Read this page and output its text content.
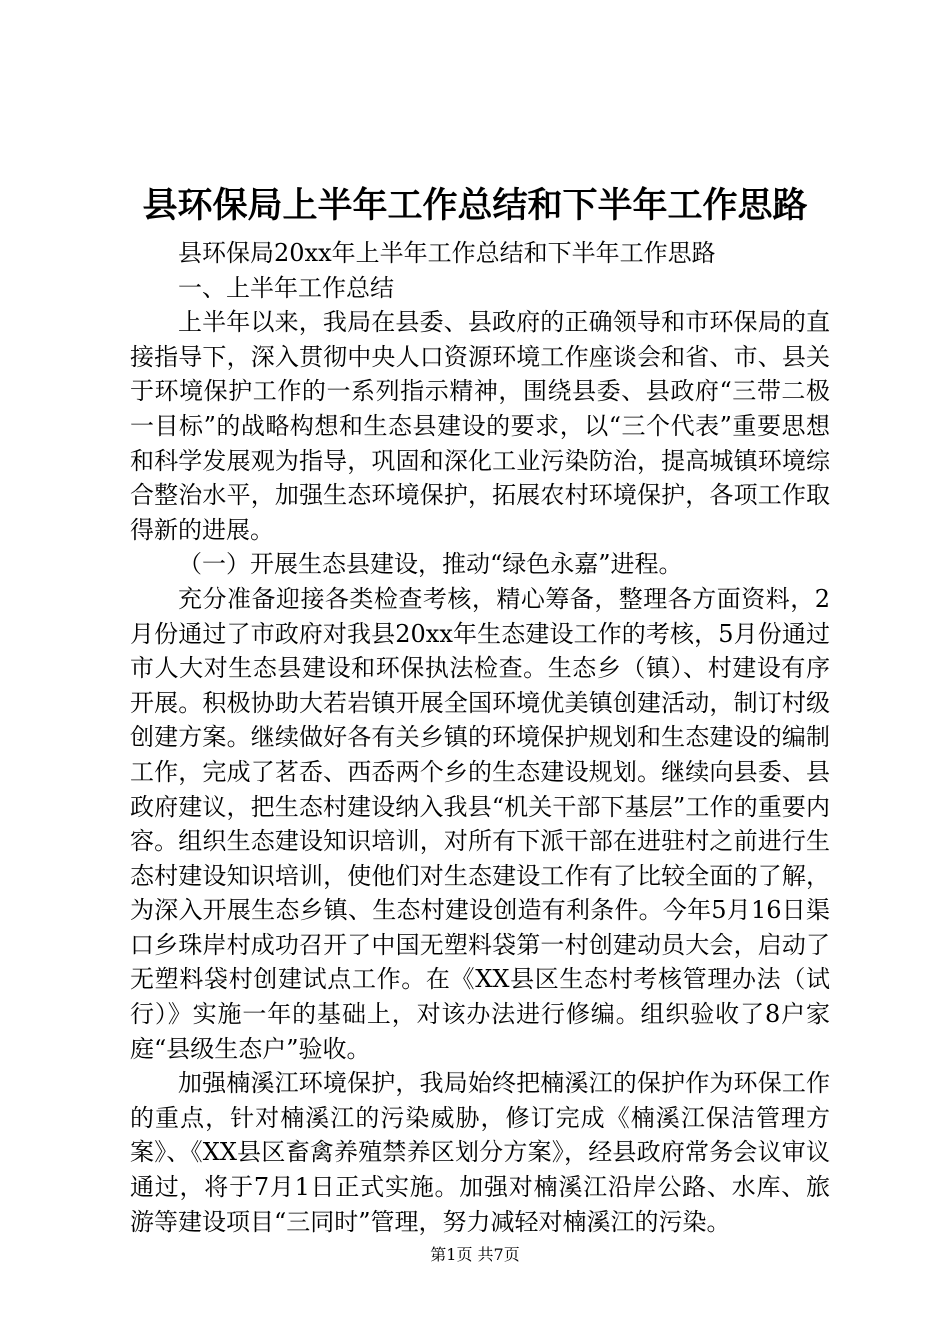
县环保局上半年工作总结和下半年工作思路

县环保局20xx年上半年工作总结和下半年工作思路

一、上半年工作总结

上半年以来，我局在县委、县政府的正确领导和市环保局的直接指导下，深入贯彻中央人口资源环境工作座谈会和省、市、县关于环境保护工作的一系列指示精神，围绕县委、县政府“三带二极一目标”的战略构想和生态县建设的要求，以“三个代表”重要思想和科学发展观为指导，巩固和深化工业污染防治，提高城镇环境综合整治水平，加强生态环境保护，拓展农村环境保护，各项工作取得新的进展。

（一）开展生态县建设，推动“绿色永嘉”进程。

充分准备迎接各类检查考核，精心筹备，整理各方面资料，2月份通过了市政府对我县20xx年生态建设工作的考核，5月份通过市人大对生态县建设和环保执法检查。生态乡（镇）、村建设有序开展。积极协助大若岩镇开展全国环境优美镇创建活动，制订村级创建方案。继续做好各有关乡镇的环境保护规划和生态建设的编制工作，完成了茗岙、西岙两个乡的生态建设规划。继续向县委、县政府建议，把生态村建设纳入我县“机关干部下基层”工作的重要内容。组织生态建设知识培训，对所有下派干部在进驻村之前进行生态村建设知识培训，使他们对生态建设工作有了比较全面的了解，为深入开展生态乡镇、生态村建设创造有利条件。今年5月16日渠口乡珠岸村成功召开了中国无塑料袋第一村创建动员大会，启动了无塑料袋村创建试点工作。在《XX县区生态村考核管理办法（试行）》实施一年的基础上，对该办法进行修编。组织验收了8户家庭“县级生态户”验收。

加强楠溪江环境保护，我局始终把楠溪江的保护作为环保工作的重点，针对楠溪江的污染威胁，修订完成《楠溪江保洁管理方案》、《XX县区畜禽养殖禁养区划分方案》，经县政府常务会议审议通过，将于7月1日正式实施。加强对楠溪江沿岸公路、水库、旅游等建设项目“三同时”管理，努力减轻对楠溪江的污染。

第1页 共7页
